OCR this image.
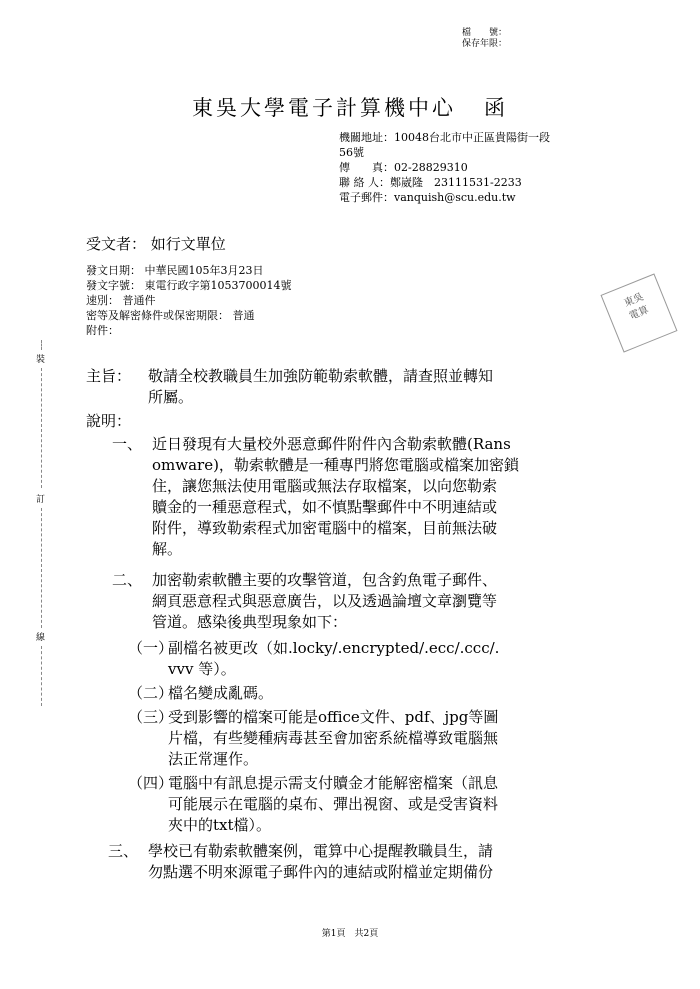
檔　　號：
保存年限：
東吳大學電子計算機中心 函
機關地址：10048台北市中正區貴陽街一段
56號
傳　　真：02-28829310
聯 絡 人：鄭崴隆　23111531-2233
電子郵件：vanquish@scu.edu.tw
受文者： 如行文單位
發文日期： 中華民國105年3月23日
發文字號： 東電行政字第1053700014號
速別： 普通件
密等及解密條件或保密期限： 普通
附件：
裝
訂
線
東吳
電算
主旨：	敬請全校教職員生加強防範勒索軟體，請查照並轉知
所屬。
說明：
一、 近日發現有大量校外惡意郵件附件內含勒索軟體(Rans
omware)，勒索軟體是一種專門將您電腦或檔案加密鎖
住，讓您無法使用電腦或無法存取檔案，以向您勒索
贖金的一種惡意程式，如不慎點擊郵件中不明連結或
附件，導致勒索程式加密電腦中的檔案，目前無法破
解。
二、 加密勒索軟體主要的攻擊管道，包含釣魚電子郵件、
網頁惡意程式與惡意廣告，以及透過論壇文章瀏覽等
管道。感染後典型現象如下：
（一）
副檔名被更改（如.locky/.encrypted/.ecc/.ccc/.
vvv 等）。
（二）
檔名變成亂碼。
（三）
受到影響的檔案可能是office文件、pdf、jpg等圖
片檔，有些變種病毒甚至會加密系統檔導致電腦無
法正常運作。
（四）
電腦中有訊息提示需支付贖金才能解密檔案（訊息
可能展示在電腦的桌布、彈出視窗、或是受害資料
夾中的txt檔）。
三、 學校已有勒索軟體案例，電算中心提醒教職員生，請
勿點選不明來源電子郵件內的連結或附檔並定期備份
第1頁　共2頁
